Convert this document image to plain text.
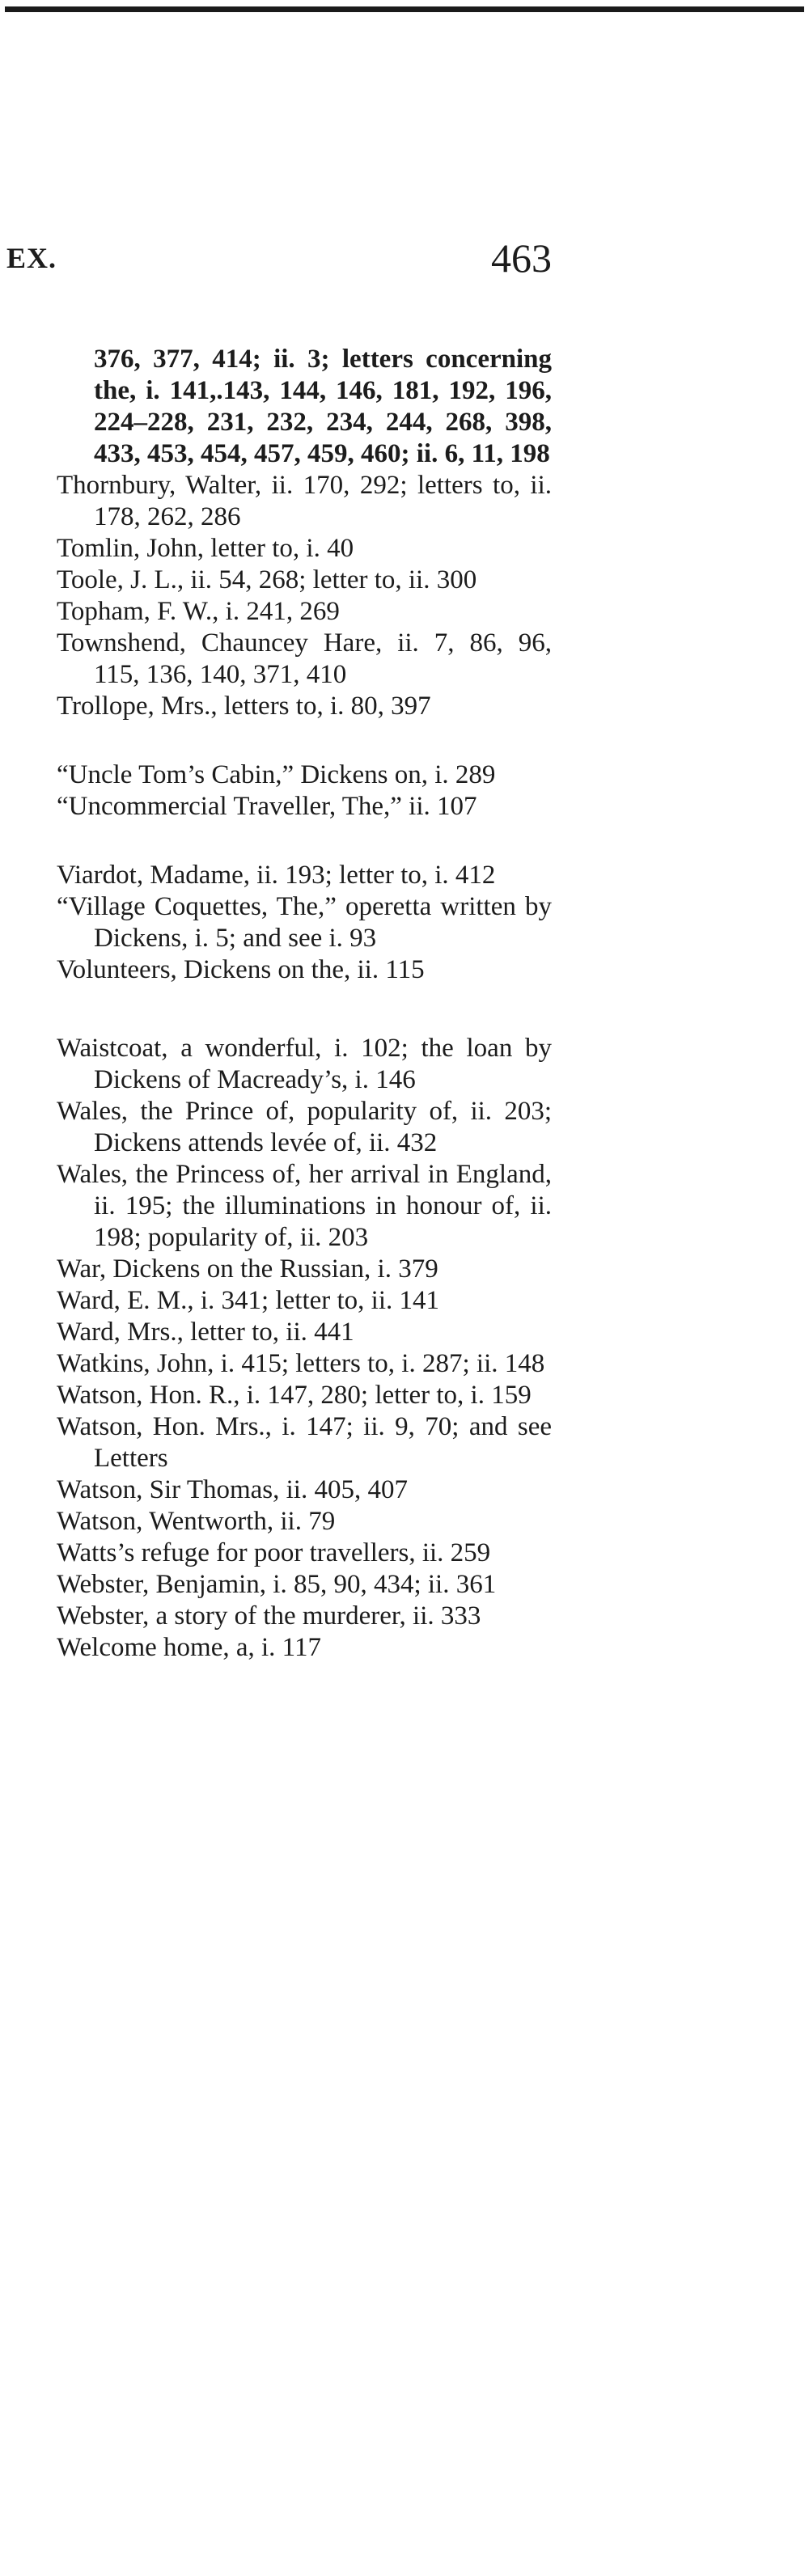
EX.	463
376, 377, 414; ii. 3; letters concerning the, i. 141,.143, 144, 146, 181, 192, 196, 224–228, 231, 232, 234, 244, 268, 398, 433, 453, 454, 457, 459, 460; ii. 6, 11, 198
Thornbury, Walter, ii. 170, 292; letters to, ii. 178, 262, 286
Tomlin, John, letter to, i. 40
Toole, J. L., ii. 54, 268; letter to, ii. 300
Topham, F. W., i. 241, 269
Townshend, Chauncey Hare, ii. 7, 86, 96, 115, 136, 140, 371, 410
Trollope, Mrs., letters to, i. 80, 397
“Uncle Tom’s Cabin,” Dickens on, i. 289
“Uncommercial Traveller, The,” ii. 107
Viardot, Madame, ii. 193; letter to, i. 412
“Village Coquettes, The,” operetta written by Dickens, i. 5; and see i. 93
Volunteers, Dickens on the, ii. 115
Waistcoat, a wonderful, i. 102; the loan by Dickens of Macready’s, i. 146
Wales, the Prince of, popularity of, ii. 203; Dickens attends levée of, ii. 432
Wales, the Princess of, her arrival in England, ii. 195; the illuminations in honour of, ii. 198; popularity of, ii. 203
War, Dickens on the Russian, i. 379
Ward, E. M., i. 341; letter to, ii. 141
Ward, Mrs., letter to, ii. 441
Watkins, John, i. 415; letters to, i. 287; ii. 148
Watson, Hon. R., i. 147, 280; letter to, i. 159
Watson, Hon. Mrs., i. 147; ii. 9, 70; and see Letters
Watson, Sir Thomas, ii. 405, 407
Watson, Wentworth, ii. 79
Watts’s refuge for poor travellers, ii. 259
Webster, Benjamin, i. 85, 90, 434; ii. 361
Webster, a story of the murderer, ii. 333
Welcome home, a, i. 117
